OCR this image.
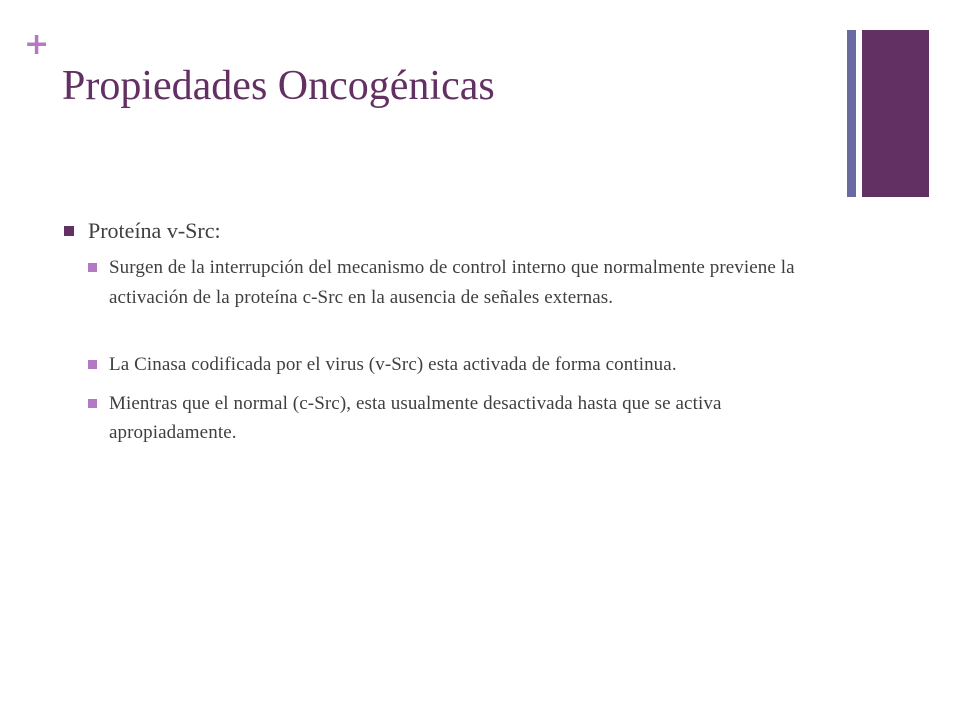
+
Propiedades Oncogénicas
Proteína v-Src:
Surgen de la interrupción del mecanismo de control interno que normalmente previene la activación de la proteína c-Src en la ausencia de señales externas.
La Cinasa codificada por el virus (v-Src) esta activada de forma continua.
Mientras que el normal (c-Src), esta usualmente desactivada hasta que se activa apropiadamente.
